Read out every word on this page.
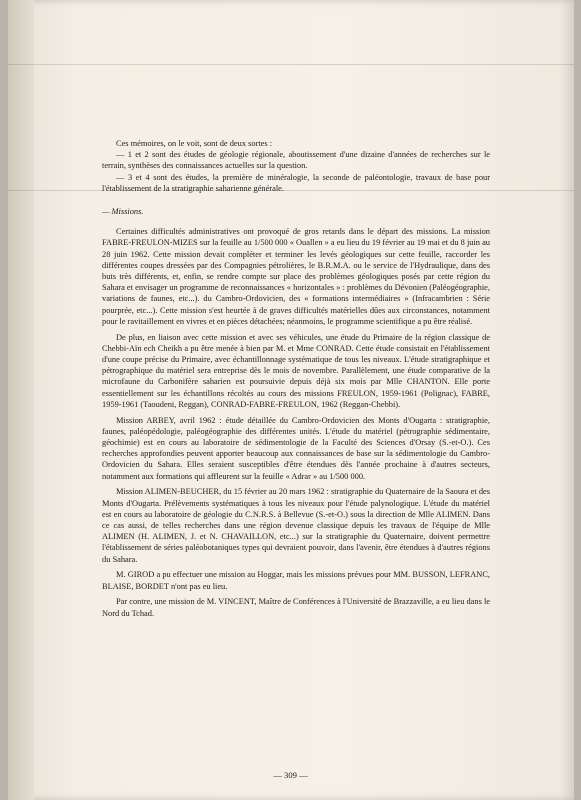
Ces mémoires, on le voit, sont de deux sortes :

— 1 et 2 sont des études de géologie régionale, aboutissement d'une dizaine d'années de recherches sur le terrain, synthèses des connaissances actuelles sur la question.

— 3 et 4 sont des études, la première de minéralogie, la seconde de paléontologie, travaux de base pour l'établissement de la stratigraphie saharienne générale.

— Missions.

Certaines difficultés administratives ont provoqué de gros retards dans le départ des missions. La mission FABRE-FREULON-MIZES sur la feuille au 1/500 000 « Ouallen » a eu lieu du 19 février au 19 mai et du 8 juin au 28 juin 1962. Cette mission devait compléter et terminer les levés géologiques sur cette feuille, raccorder les différentes coupes dressées par des Compagnies pétrolières, le B.R.M.A. ou le service de l'Hydraulique, dans des buts très différents, et, enfin, se rendre compte sur place des problèmes géologiques posés par cette région du Sahara et envisager un programme de reconnaissances « horizontales » : problèmes du Dévonien (Paléogéographie, variations de faunes, etc...). du Cambro-Ordovicien, des « formations intermédiaires » (Infracambrien : Série pourprée, etc...). Cette mission s'est heurtée à de graves difficultés matérielles dûes aux circonstances, notamment pour le ravitaillement en vivres et en pièces détachées; néanmoins, le programme scientifique a pu être réalisé.

De plus, en liaison avec cette mission et avec ses véhicules, une étude du Primaire de la région classique de Chebbi-Aïn ech Cheikh a pu être menée à bien par M. et Mme CONRAD. Cette étude consistait en l'établissement d'une coupe précise du Primaire, avec échantillonnage systématique de tous les niveaux. L'étude stratigraphique et pétrographique du matériel sera entreprise dès le mois de novembre. Parallèlement, une étude comparative de la microfaune du Carbonifère saharien est poursuivie depuis déjà six mois par Mlle CHANTON. Elle porte essentiellement sur les échantillons récoltés au cours des missions FREULON, 1959-1961 (Polignac), FABRE, 1959-1961 (Taoudeni, Reggan), CONRAD-FABRE-FREULON, 1962 (Reggan-Chebbi).

Mission ARBEY, avril 1962 : étude détaillée du Cambro-Ordovicien des Monts d'Ougarta : stratigraphie, faunes, paléopédologie, paléogéographie des différentes unités. L'étude du matériel (pétrographie sédimentaire, géochimie) est en cours au laboratoire de sédimentologie de la Faculté des Sciences d'Orsay (S.-et-O.). Ces recherches approfondies peuvent apporter beaucoup aux connaissances de base sur la sédimentologie du Cambro-Ordovicien du Sahara. Elles seraient susceptibles d'être étendues dès l'année prochaine à d'autres secteurs, notamment aux formations qui affleurent sur la feuille « Adrar » au 1/500 000.

Mission ALIMEN-BEUCHER, du 15 février au 20 mars 1962 : stratigraphie du Quaternaire de la Saoura et des Monts d'Ougarta. Prélèvements systématiques à tous les niveaux pour l'étude palynologique. L'étude du matériel est en cours au laboratoire de géologie du C.N.R.S. à Bellevue (S.-et-O.) sous la direction de Mlle ALIMEN. Dans ce cas aussi, de telles recherches dans une région devenue classique depuis les travaux de l'équipe de Mlle ALIMEN (H. ALIMEN, J. et N. CHAVAILLON, etc...) sur la stratigraphie du Quaternaire, doivent permettre l'établissement de séries paléobotaniques types qui devraient pouvoir, dans l'avenir, être étendues à d'autres régions du Sahara.

M. GIROD a pu effectuer une mission au Hoggar, mais les missions prévues pour MM. BUSSON, LEFRANC, BLAISE, BORDET n'ont pas eu lieu.

Par contre, une mission de M. VINCENT, Maître de Conférences à l'Université de Brazzaville, a eu lieu dans le Nord du Tchad.

— 309 —
